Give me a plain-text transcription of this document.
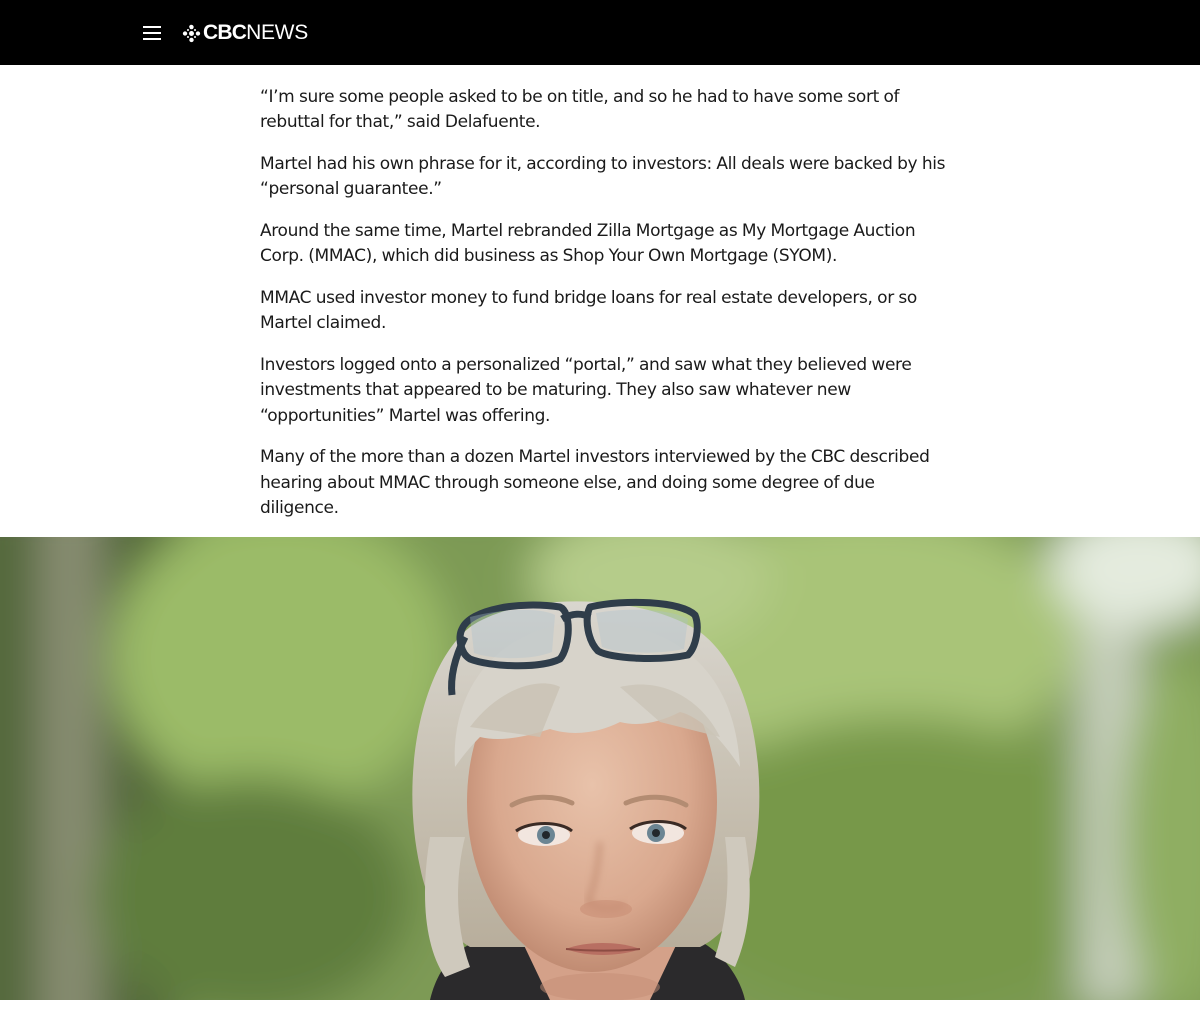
“I’m sure some people asked to be on title, and so he had to have some sort of rebuttal for that,” said Delafuente.

Martel had his own phrase for it, according to investors: All deals were backed by his “personal guarantee.”

Around the same time, Martel rebranded Zilla Mortgage as My Mortgage Auction Corp. (MMAC), which did business as Shop Your Own Mortgage (SYOM).

MMAC used investor money to fund bridge loans for real estate developers, or so Martel claimed.

Investors logged onto a personalized “portal,” and saw what they believed were investments that appeared to be maturing. They also saw whatever new “opportunities” Martel was offering.

Many of the more than a dozen Martel investors interviewed by the CBC described hearing about MMAC through someone else, and doing some degree of due diligence.

CBC NEWS
